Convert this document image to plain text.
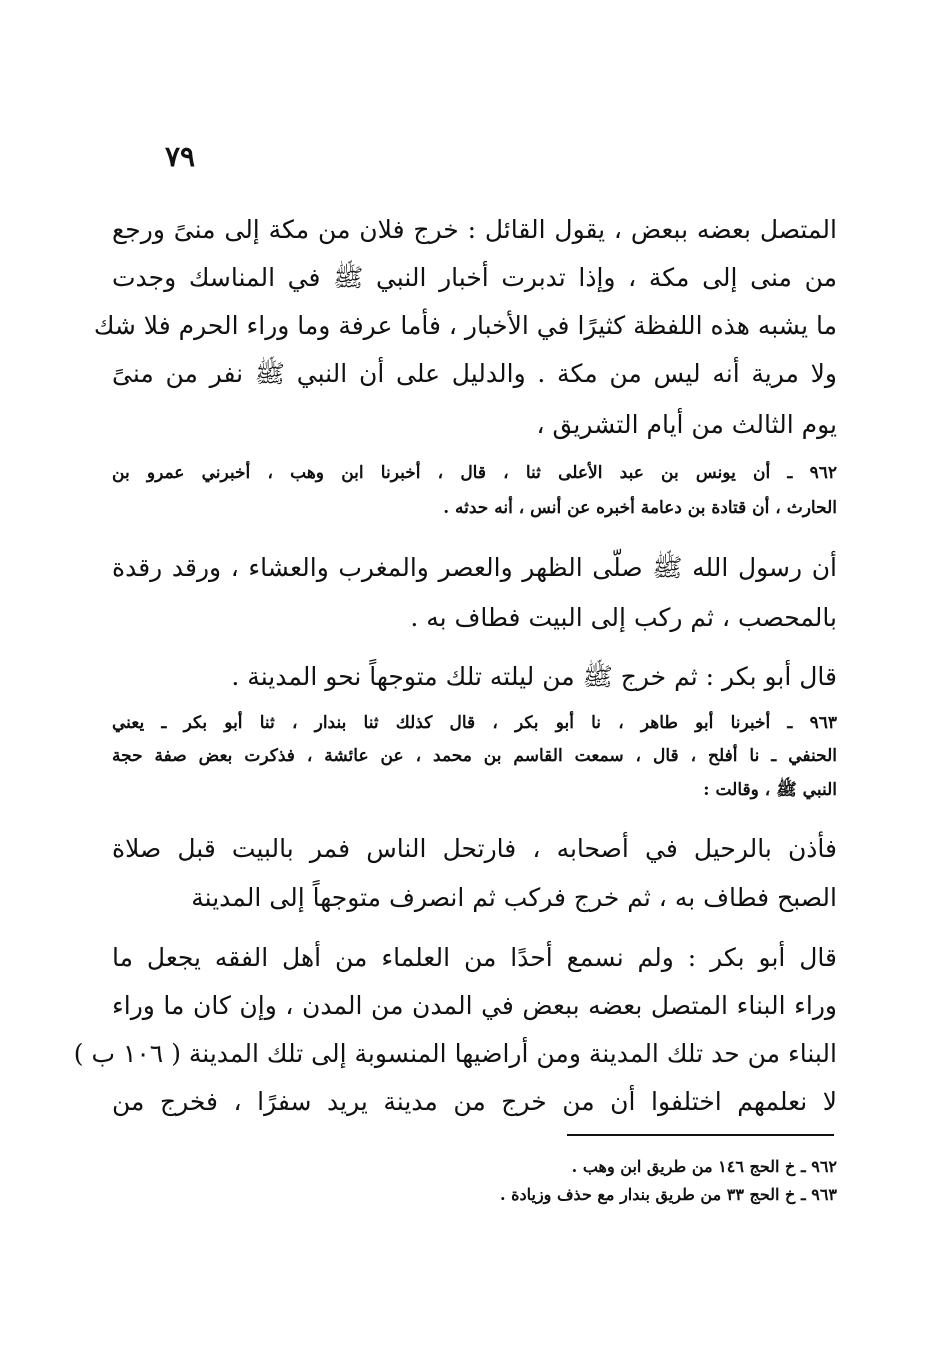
٧٩
المتصل بعضه ببعض ، يقول القائل : خرج فلان من مكة إلى منىً ورجع
من منى إلى مكة ، وإذا تدبرت أخبار النبي ﷺ في المناسك وجدت
ما يشبه هذه اللفظة كثيرًا في الأخبار ، فأما عرفة وما وراء الحرم فلا شك
ولا مرية أنه ليس من مكة . والدليل على أن النبي ﷺ نفر من منىً
يوم الثالث من أيام التشريق ،
٩٦٢ ـ أن يونس بن عبد الأعلى ثنا ، قال ، أخبرنا ابن وهب ، أخبرني عمرو بن
الحارث ، أن قتادة بن دعامة أخبره عن أنس ، أنه حدثه .
أن رسول الله ﷺ صلّى الظهر والعصر والمغرب والعشاء ، ورقد رقدة
بالمحصب ، ثم ركب إلى البيت فطاف به .
قال أبو بكر : ثم خرج ﷺ من ليلته تلك متوجهاً نحو المدينة .
٩٦٣ ـ أخبرنا أبو طاهر ، نا أبو بكر ، قال كذلك ثنا بندار ، ثنا أبو بكر ـ يعني
الحنفي ـ نا أفلح ، قال ، سمعت القاسم بن محمد ، عن عائشة ، فذكرت بعض صفة حجة
النبي ﷺ ، وقالت :
فأذن بالرحيل في أصحابه ، فارتحل الناس فمر بالبيت قبل صلاة
الصبح فطاف به ، ثم خرج فركب ثم انصرف متوجهاً إلى المدينة
قال أبو بكر : ولم نسمع أحدًا من العلماء من أهل الفقه يجعل ما
وراء البناء المتصل بعضه ببعض في المدن من المدن ، وإن كان ما وراء
البناء من حد تلك المدينة ومن أراضيها المنسوبة إلى تلك المدينة ( ١٠٦ ب )
لا نعلمهم اختلفوا أن من خرج من مدينة يريد سفرًا ، فخرج من
٩٦٢ ـ خ الحج ١٤٦ من طريق ابن وهب .
٩٦٣ ـ خ الحج ٣٣ من طريق بندار مع حذف وزيادة .
